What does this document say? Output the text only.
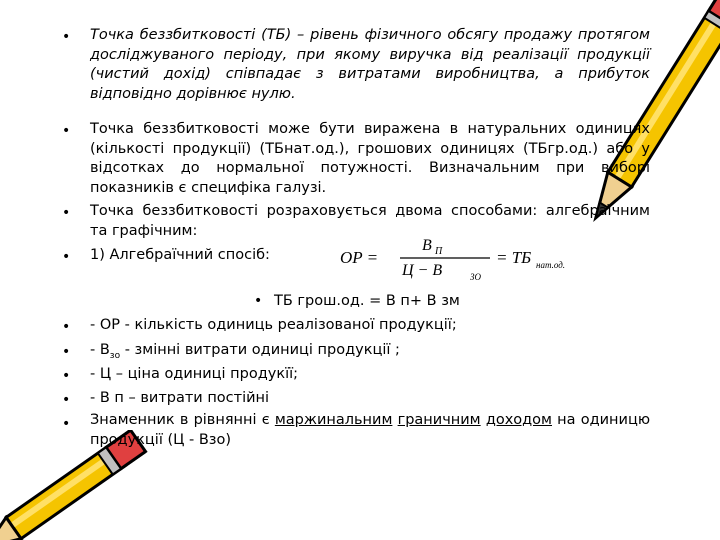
• Точка беззбитковості (ТБ) – рівень фізичного обсягу продажу протягом досліджуваного періоду, при якому виручка від реалізації продукції (чистий дохід) співпадає з витратами виробництва, а прибуток відповідно дорівнює нулю.
• Точка беззбитковості може бути виражена в натуральних одиницях (кількості продукції) (ТБнат.од.), грошових одиницях (ТБгр.од.) або у відсотках до нормальної потужності. Визначальним при виборі показників є специфіка галузі.
• Точка беззбитковості розраховується двома способами: алгебраїчним та графічним:
• 1) Алгебраїчний спосіб:	OP =
В П
Ц − В	ЗО
= ТБ нат.од.
• ТБ грош.од. = В п+ В зм
• - ОР - кількість одиниць реалізованої продукції;
• - $В_{зо}$ - змінні витрати одиниці продукції ;
• - Ц – ціна одиниці продукїї;
• - В п – витрати постійні
• Знаменник в рівнянні є маржинальним граничним доходом на одиницю продукції (Ц - Взо)
